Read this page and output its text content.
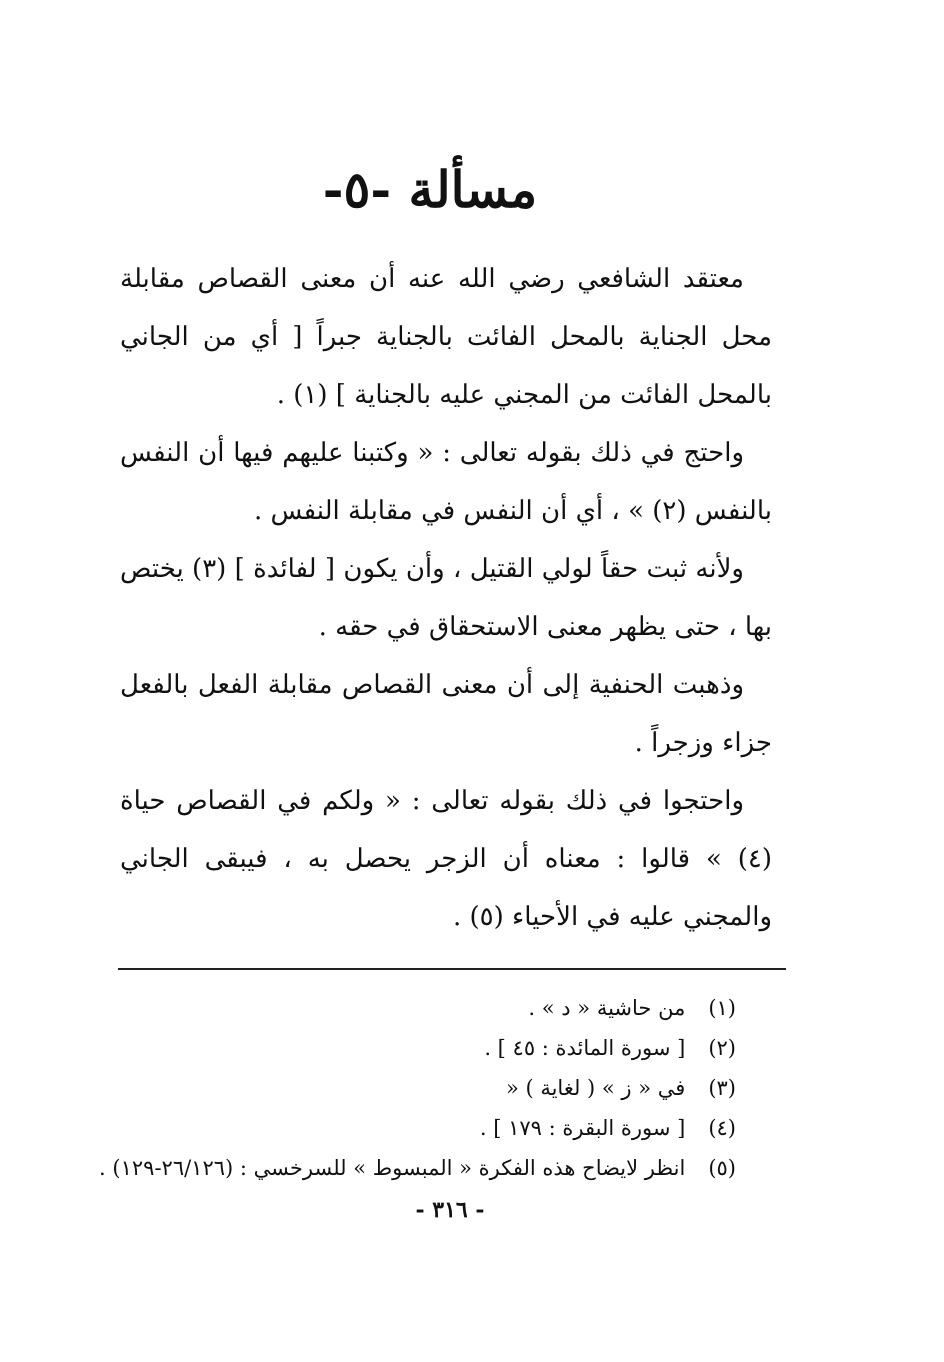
مسألة -٥-

معتقد الشافعي رضي الله عنه أن معنى القصاص مقابلة محل الجناية بالمحل الفائت بالجناية جبراً [ أي من الجاني بالمحل الفائت من المجني عليه بالجناية ] (١) .

واحتج في ذلك بقوله تعالى : « وكتبنا عليهم فيها أن النفس بالنفس (٢) » ، أي أن النفس في مقابلة النفس .

ولأنه ثبت حقاً لولي القتيل ، وأن يكون [ لفائدة ] (٣) يختص بها ، حتى يظهر معنى الاستحقاق في حقه .

وذهبت الحنفية إلى أن معنى القصاص مقابلة الفعل بالفعل جزاء وزجراً .

واحتجوا في ذلك بقوله تعالى : « ولكم في القصاص حياة (٤) » قالوا : معناه أن الزجر يحصل به ، فيبقى الجاني والمجني عليه في الأحياء (٥) .

(١) من حاشية « د » .
(٢) [ سورة المائدة : ٤٥ ] .
(٣) في « ز » ( لغاية ) «
(٤) [ سورة البقرة : ١٧٩ ] .
(٥) انظر لايضاح هذه الفكرة « المبسوط » للسرخسي : (٢٦/١٢٦-١٢٩) .
- ٣١٦ -
